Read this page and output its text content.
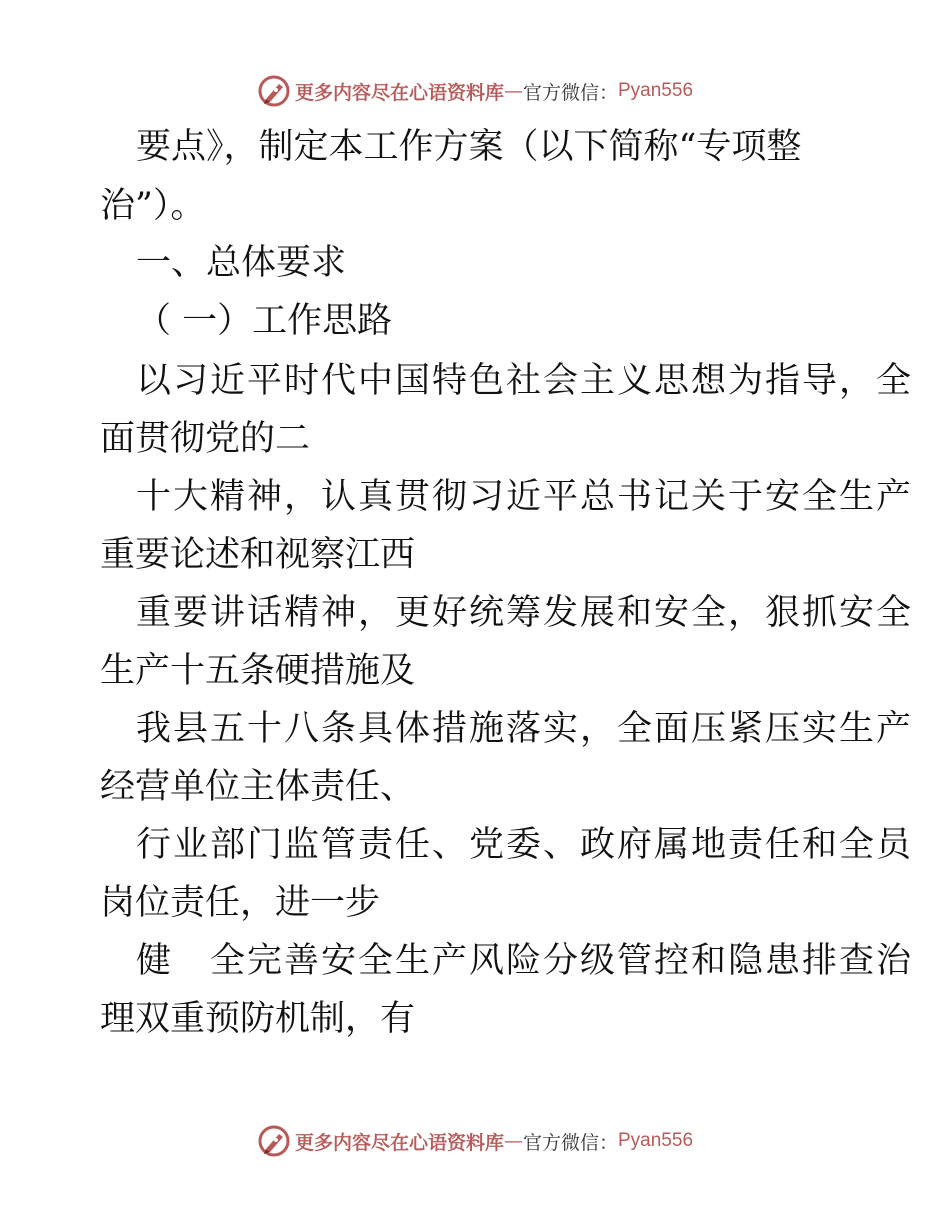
更多内容尽在心语资料库 — 官方微信： Pyan556
要点》，制定本工作方案（以下简称“专项整
治”）。
一、总体要求
（ 一）工作思路
以习近平时代中国特色社会主义思想为指导，全
面贯彻党的二
十大精神，认真贯彻习近平总书记关于安全生产
重要论述和视察江西
重要讲话精神，更好统筹发展和安全，狠抓安全
生产十五条硬措施及
我县五十八条具体措施落实，全面压紧压实生产
经营单位主体责任、
行业部门监管责任、党委、政府属地责任和全员
岗位责任，进一步
健　全完善安全生产风险分级管控和隐患排查治
理双重预防机制，有
更多内容尽在心语资料库 — 官方微信： Pyan556
